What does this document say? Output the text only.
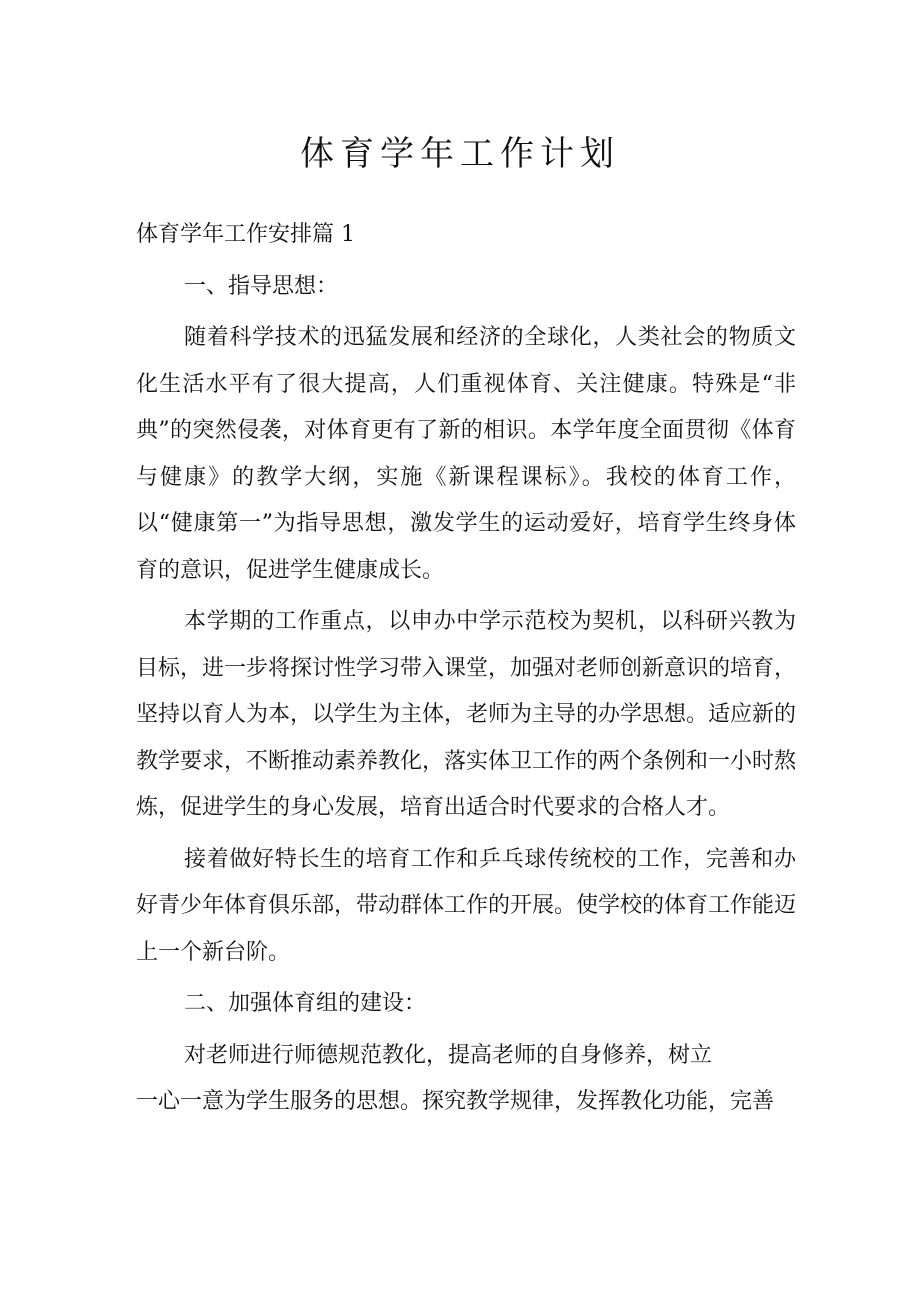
体育学年工作计划

体育学年工作安排篇 1

一、指导思想：

随着科学技术的迅猛发展和经济的全球化，人类社会的物质文化生活水平有了很大提高，人们重视体育、关注健康。特殊是“非典”的突然侵袭，对体育更有了新的相识。本学年度全面贯彻《体育与健康》的教学大纲，实施《新课程课标》。我校的体育工作，以“健康第一”为指导思想，激发学生的运动爱好，培育学生终身体育的意识，促进学生健康成长。

本学期的工作重点，以申办中学示范校为契机，以科研兴教为目标，进一步将探讨性学习带入课堂，加强对老师创新意识的培育，坚持以育人为本，以学生为主体，老师为主导的办学思想。适应新的教学要求，不断推动素养教化，落实体卫工作的两个条例和一小时熬炼，促进学生的身心发展，培育出适合时代要求的合格人才。

接着做好特长生的培育工作和乒乓球传统校的工作，完善和办好青少年体育俱乐部，带动群体工作的开展。使学校的体育工作能迈上一个新台阶。

二、加强体育组的建设：

对老师进行师德规范教化，提高老师的自身修养，树立

一心一意为学生服务的思想。探究教学规律，发挥教化功能，完善
